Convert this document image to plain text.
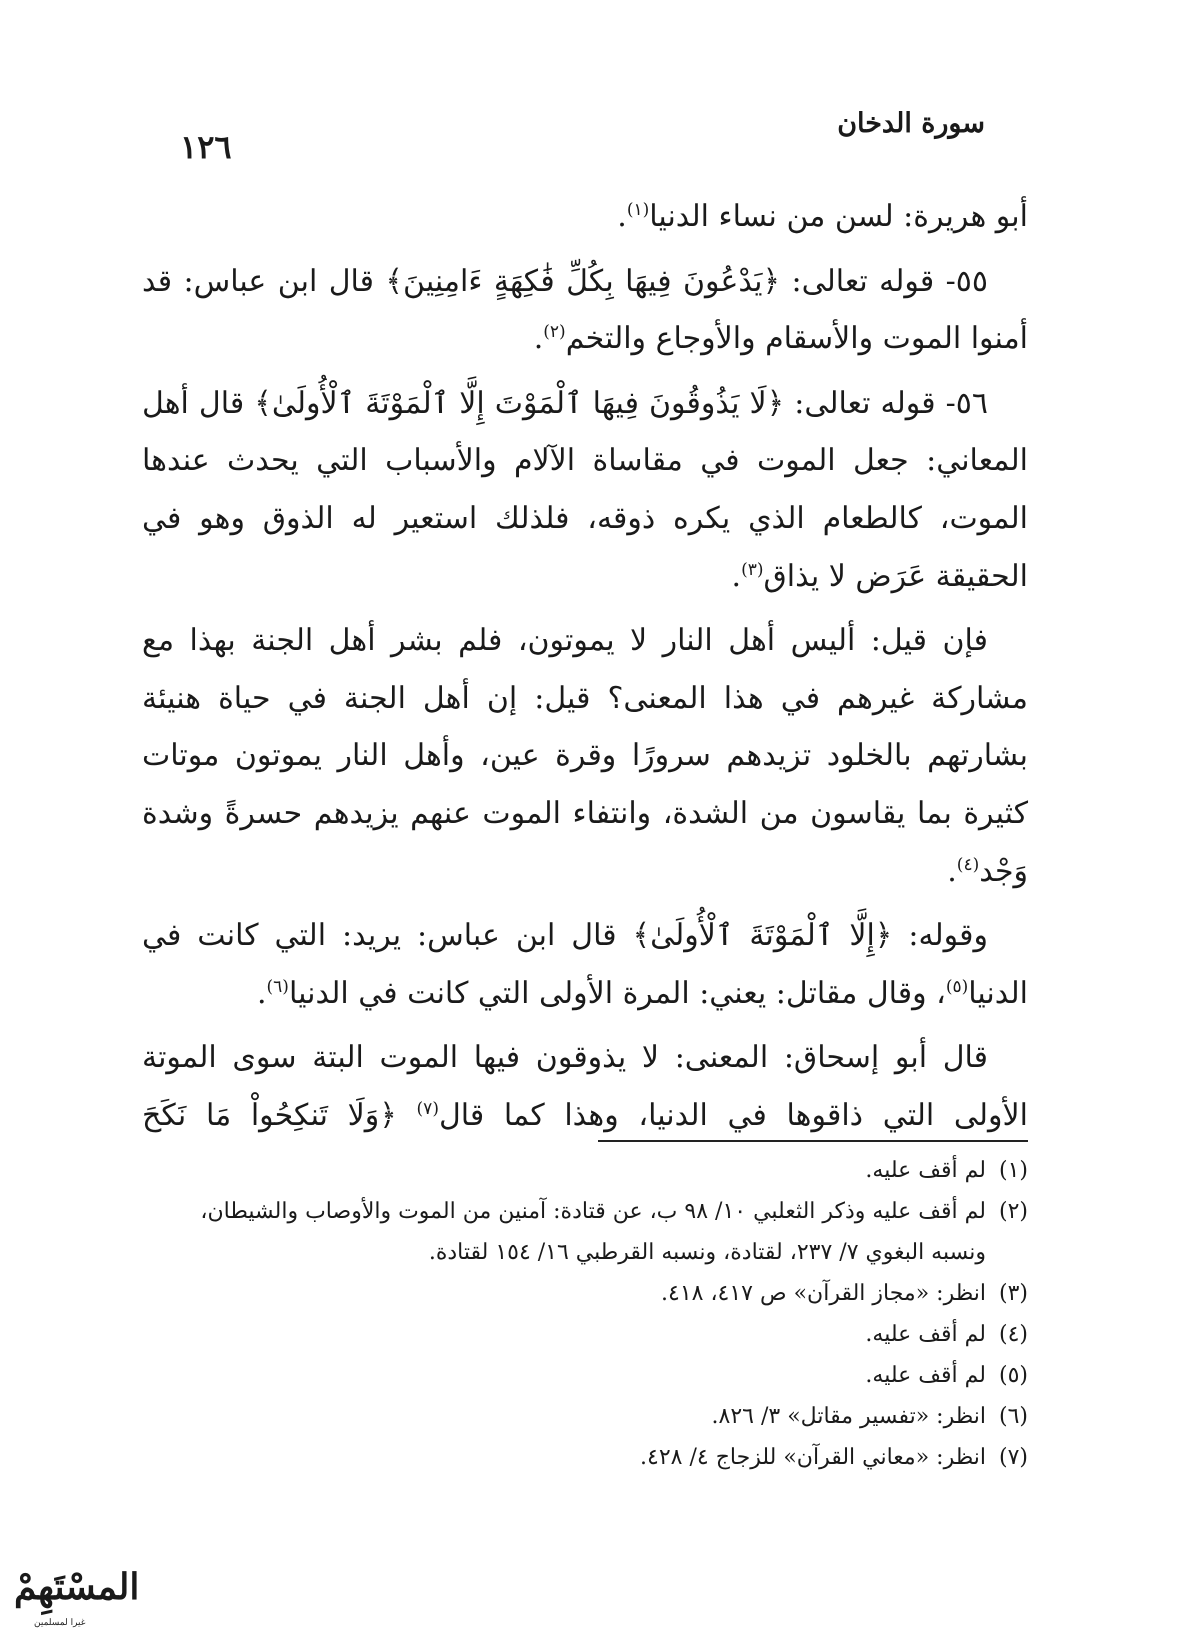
سورة الدخان
١٢٦

أبو هريرة: لسن من نساء الدنيا$^{(١)}$.

٥٥- قوله تعالى: ﴿يَدْعُونَ فِيهَا بِكُلِّ فَٰكِهَةٍ ءَامِنِينَ﴾ قال ابن عباس: قد أمنوا الموت والأسقام والأوجاع والتخم$^{(٢)}$.

٥٦- قوله تعالى: ﴿لَا يَذُوقُونَ فِيهَا ٱلْمَوْتَ إِلَّا ٱلْمَوْتَةَ ٱلْأُولَىٰ﴾ قال أهل المعاني: جعل الموت في مقاساة الآلام والأسباب التي يحدث عندها الموت، كالطعام الذي يكره ذوقه، فلذلك استعير له الذوق وهو في الحقيقة عَرَض لا يذاق$^{(٣)}$.

فإن قيل: أليس أهل النار لا يموتون، فلم بشر أهل الجنة بهذا مع مشاركة غيرهم في هذا المعنى؟ قيل: إن أهل الجنة في حياة هنيئة بشارتهم بالخلود تزيدهم سرورًا وقرة عين، وأهل النار يموتون موتات كثيرة بما يقاسون من الشدة، وانتفاء الموت عنهم يزيدهم حسرةً وشدة وَجْد$^{(٤)}$.

وقوله: ﴿إِلَّا ٱلْمَوْتَةَ ٱلْأُولَىٰ﴾ قال ابن عباس: يريد: التي كانت في الدنيا$^{(٥)}$، وقال مقاتل: يعني: المرة الأولى التي كانت في الدنيا$^{(٦)}$.

قال أبو إسحاق: المعنى: لا يذوقون فيها الموت البتة سوى الموتة الأولى التي ذاقوها في الدنيا، وهذا كما قال$^{(٧)}$ ﴿وَلَا تَنكِحُواْ مَا نَكَحَ

(١)
لم أقف عليه.

(٢)
لم أقف عليه وذكر الثعلبي ١٠/ ٩٨ ب، عن قتادة: آمنين من الموت والأوصاب والشيطان، ونسبه البغوي ٧/ ٢٣٧، لقتادة، ونسبه القرطبي ١٦/ ١٥٤ لقتادة.

(٣)
انظر: «مجاز القرآن» ص ٤١٧، ٤١٨.

(٤)
لم أقف عليه.

(٥)
لم أقف عليه.

(٦)
انظر: «تفسير مقاتل» ٣/ ٨٢٦.

(٧)
انظر: «معاني القرآن» للزجاج ٤/ ٤٢٨.

المسْتَهِمْ
غيرا لمسلمين
